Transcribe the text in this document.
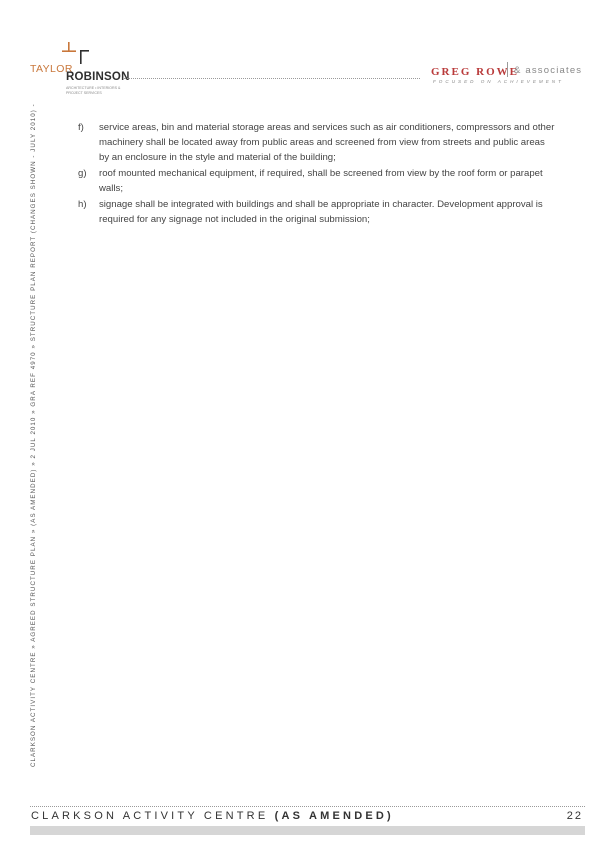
TAYLOR
ROBINSON
ARCHITECTURE • INTERIORS & PROJECT SERVICES
GREG ROWE
& associates
FOCUSED ON ACHIEVEMENT
CLARKSON ACTIVITY CENTRE » AGREED STRUCTURE PLAN » (AS AMENDED) » 2 JUL 2010 » GRA REF 4970 » STRUCTURE PLAN REPORT (CHANGES SHOWN - JULY 2010) -	f) service areas, bin and material storage areas and services such as air conditioners, compressors and other machinery shall be located away from public areas and screened from view from streets and public areas by an enclosure in the style and material of the building;
g) roof mounted mechanical equipment, if required, shall be screened from view by the roof form or parapet walls;
h) signage shall be integrated with buildings and shall be appropriate in character. Development approval is required for any signage not included in the original submission;
CLARKSON ACTIVITY CENTRE (AS AMENDED)	22
